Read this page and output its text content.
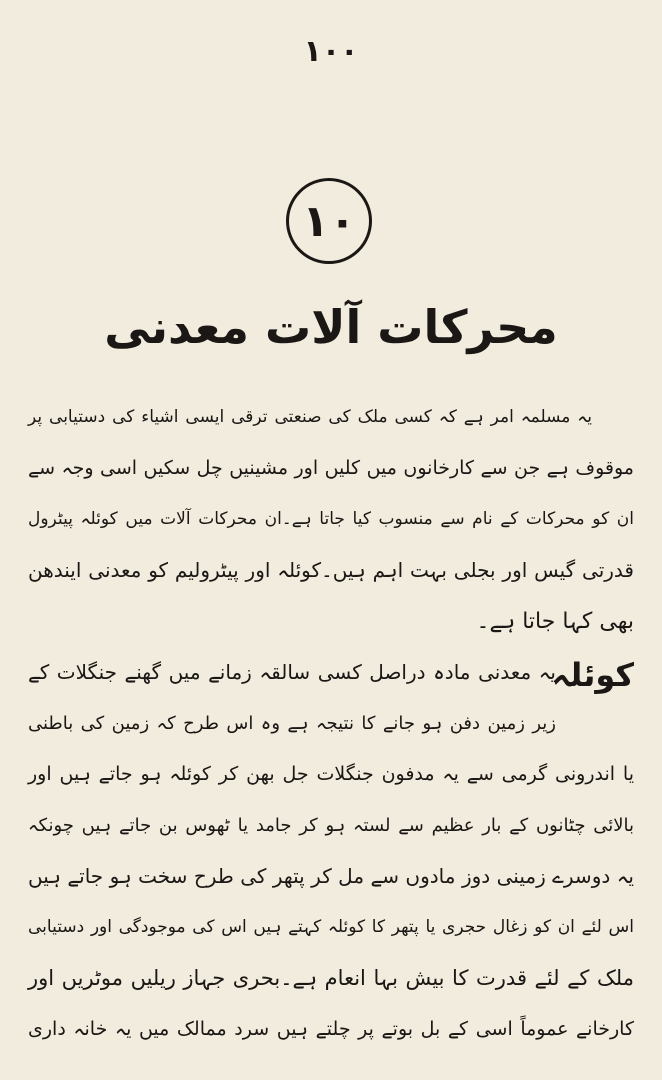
۱۰۰
۱۰
محرکات آلات معدنی
یہ مسلمہ امر ہے کہ کسی ملک کی صنعتی ترقی ایسی اشیاء کی دستیابی پر
موقوف ہے جن سے کارخانوں میں کلیں اور مشینیں چل سکیں اسی وجہ سے
ان کو محرکات کے نام سے منسوب کیا جاتا ہے۔ان محرکات آلات میں کوئلہ پیٹرول
قدرتی گیس اور بجلی بہت اہم ہیں۔کوئلہ اور پیٹرولیم کو معدنی ایندھن
بھی کہا جاتا ہے۔
کوئلہ
یہ معدنی مادہ دراصل کسی سالقہ زمانے میں گھنے جنگلات کے
زیر زمین دفن ہو جانے کا نتیجہ ہے وہ اس طرح کہ زمین کی باطنی
یا اندرونی گرمی سے یہ مدفون جنگلات جل بھن کر کوئلہ ہو جاتے ہیں اور
بالائی چٹانوں کے بار عظیم سے لستہ ہو کر جامد یا ٹھوس بن جاتے ہیں چونکہ
یہ دوسرے زمینی دوز مادوں سے مل کر پتھر کی طرح سخت ہو جاتے ہیں
اس لئے ان کو زغال حجری یا پتھر کا کوئلہ کہتے ہیں اس کی موجودگی اور دستیابی
ملک کے لئے قدرت کا بیش بہا انعام ہے۔بحری جہاز ریلیں موٹریں اور
کارخانے عموماً اسی کے بل بوتے پر چلتے ہیں سرد ممالک میں یہ خانہ داری
